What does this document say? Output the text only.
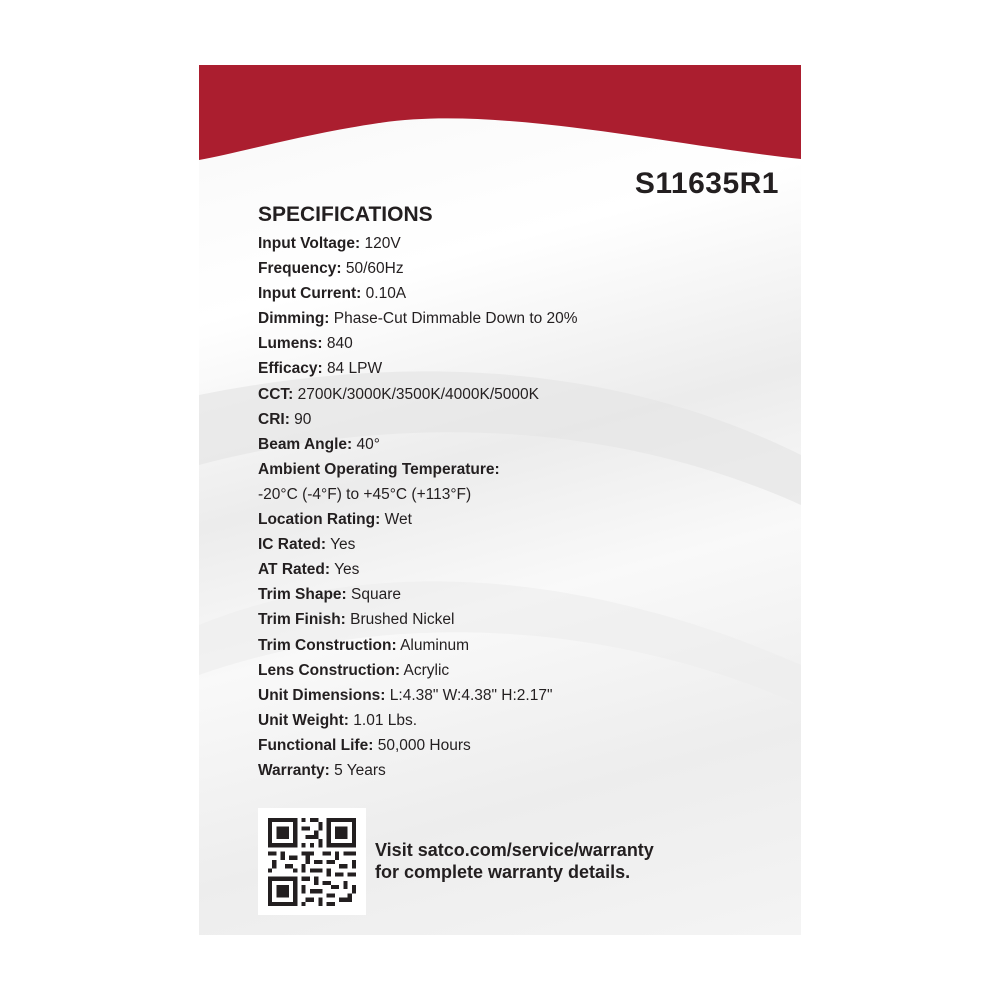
S11635R1
SPECIFICATIONS
Input Voltage: 120V
Frequency: 50/60Hz
Input Current: 0.10A
Dimming: Phase-Cut Dimmable Down to 20%
Lumens: 840
Efficacy: 84 LPW
CCT: 2700K/3000K/3500K/4000K/5000K
CRI: 90
Beam Angle: 40°
Ambient Operating Temperature:
-20°C (-4°F) to +45°C (+113°F)
Location Rating: Wet
IC Rated: Yes
AT Rated: Yes
Trim Shape: Square
Trim Finish: Brushed Nickel
Trim Construction: Aluminum
Lens Construction: Acrylic
Unit Dimensions: L:4.38" W:4.38" H:2.17"
Unit Weight: 1.01 Lbs.
Functional Life: 50,000 Hours
Warranty: 5 Years
Visit satco.com/service/warranty
for complete warranty details.
